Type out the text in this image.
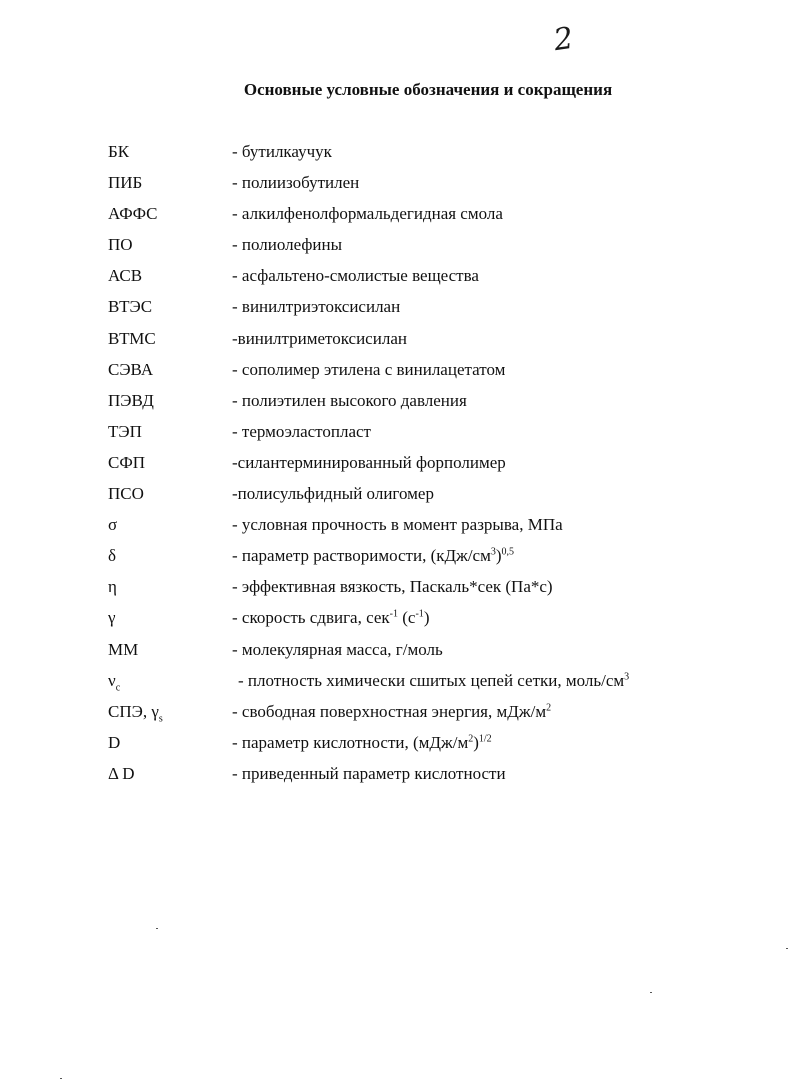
2
Основные условные обозначения и сокращения
БК	- бутилкаучук
ПИБ	- полиизобутилен
АФФС	- алкилфенолформальдегидная смола
ПО	- полиолефины
АСВ	- асфальтено-смолистые вещества
ВТЭС	- винилтриэтоксисилан
ВТМС	-винилтриметоксисилан
СЭВА	- сополимер этилена с винилацетатом
ПЭВД	- полиэтилен высокого давления
ТЭП	- термоэластопласт
СФП	-силантерминированный форполимер
ПСО	-полисульфидный олигомер
σ	- условная прочность в момент разрыва, МПа
δ	- параметр растворимости, $(кДж/см^3)^{0,5}$
η	- эффективная вязкость, Паскаль*сек (Па*с)
γ	- скорость сдвига, сек$^{-1}$ $(с^{-1})$
ММ	- молекулярная масса, г/моль
$\nu_c$	- плотность химически сшитых цепей сетки, моль/$см^3$
СПЭ, $\gamma_s$	- свободная поверхностная энергия, мДж/$м^2$
D	- параметр кислотности, $(мДж/м^2)^{1/2}$
Δ D	- приведенный параметр кислотности
